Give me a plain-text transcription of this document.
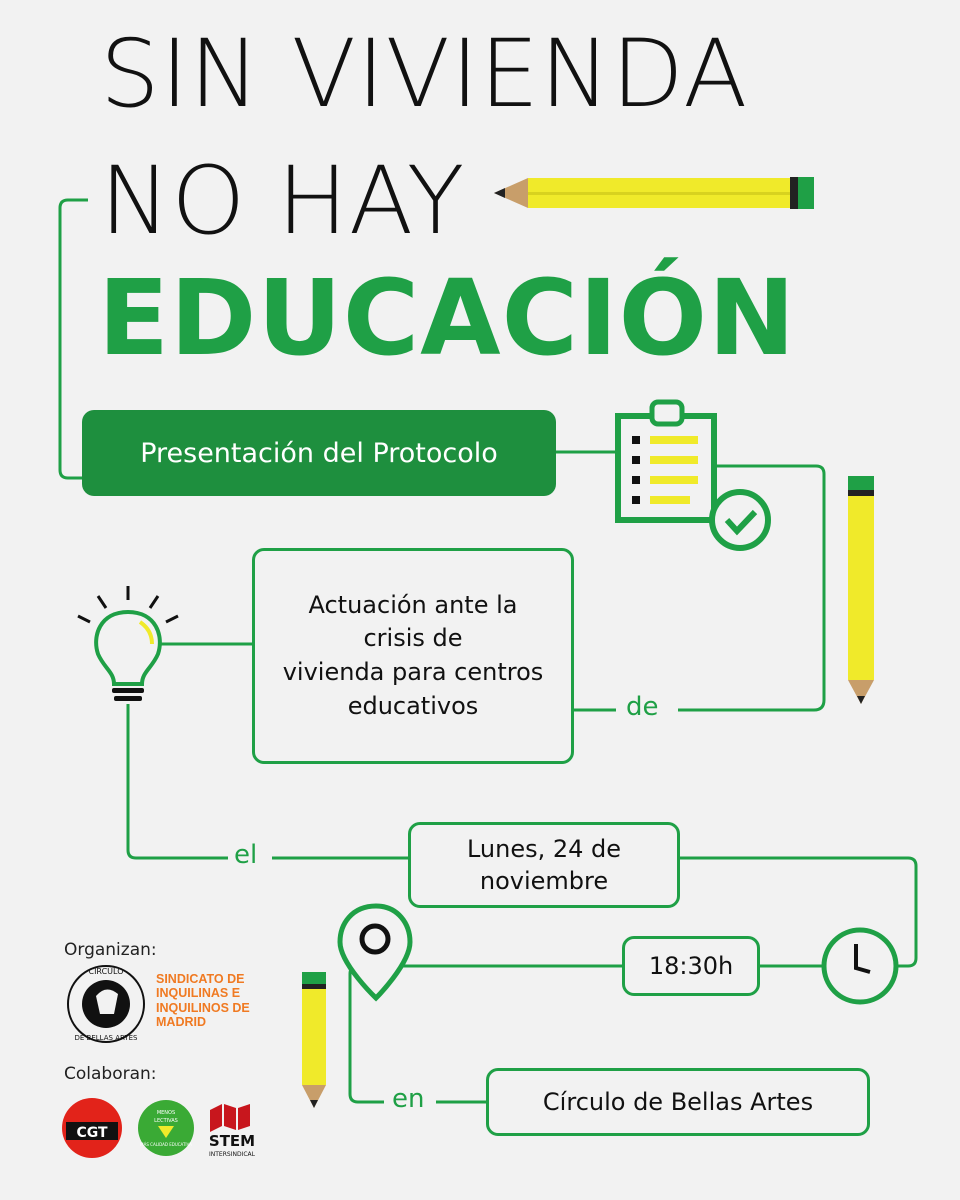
CÍRCULO
DE BELLAS ARTES
CGT
MENOS
LECTIVAS
MÁS CALIDAD EDUCATIVA STEM
INTERSINDICAL
SIN VIVIENDA
NO HAY
EDUCACIÓN
Presentación del Protocolo
Actuación ante la
crisis de
vivienda para centros
educativos	de
el
en
Lunes, 24 de
noviembre
18:30h
Círculo de Bellas Artes
Organizan:
SINDICATO DE INQUILINAS E INQUILINOS DE MADRID
Colaboran:
